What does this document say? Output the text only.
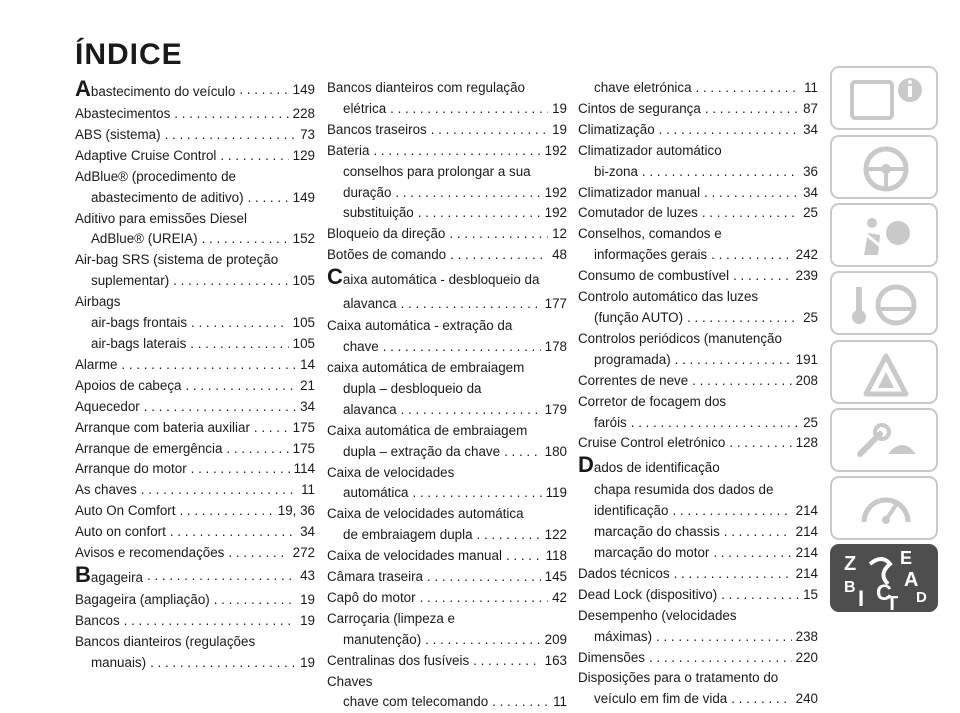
ÍNDICE
Abastecimento do veículo . . .	149
Abastecimentos . . .	228
ABS (sistema) . . .	73
Adaptive Cruise Control . . .	129
AdBlue® (procedimento de
abastecimento de aditivo) . . .	149
Aditivo para emissões Diesel
AdBlue® (UREIA) . . .	152
Air-bag SRS (sistema de proteção
suplementar) . . .	105
Airbags
air-bags frontais . . .	105
air-bags laterais . . .	105
Alarme . . .	14
Apoios de cabeça . . .	21
Aquecedor . . .	34
Arranque com bateria auxiliar . . .	175
Arranque de emergência . . .	175
Arranque do motor . . .	114
As chaves . . .	11
Auto On Comfort . . .	19, 36
Auto on confort . . .	34
Avisos e recomendações . . .	272
Bagageira . . .	43
Bagageira (ampliação) . . .	19
Bancos . . .	19
Bancos dianteiros (regulações
manuais) . . .	19
Bancos dianteiros com regulação
elétrica . . .	19
Bancos traseiros . . .	19
Bateria . . .	192
conselhos para prolongar a sua
duração . . .	192
substituição . . .	192
Bloqueio da direção . . .	12
Botões de comando . . .	48
Caixa automática - desbloqueio da
alavanca . . .	177
Caixa automática - extração da
chave . . .	178
caixa automática de embraiagem
dupla – desbloqueio da
alavanca . . .	179
Caixa automática de embraiagem
dupla – extração da chave . . .	180
Caixa de velocidades
automática . . .	119
Caixa de velocidades automática
de embraiagem dupla . . .	122
Caixa de velocidades manual . . .	118
Câmara traseira . . .	145
Capô do motor . . .	42
Carroçaria (limpeza e
manutenção) . . .	209
Centralinas dos fusíveis . . .	163
Chaves
chave com telecomando . . .	11
chave eletrónica . . .	11
Cintos de segurança . . .	87
Climatização . . .	34
Climatizador automático
bi-zona . . .	36
Climatizador manual . . .	34
Comutador de luzes . . .	25
Conselhos, comandos e
informações gerais . . .	242
Consumo de combustível . . .	239
Controlo automático das luzes
(função AUTO) . . .	25
Controlos periódicos (manutenção
programada) . . .	191
Correntes de neve . . .	208
Corretor de focagem dos
faróis . . .	25
Cruise Control eletrónico . . .	128
Dados de identificação
chapa resumida dos dados de
identificação . . .	214
marcação do chassis . . .	214
marcação do motor . . .	214
Dados técnicos . . .	214
Dead Lock (dispositivo) . . .	15
Desempenho (velocidades
máximas) . . .	238
Dimensões . . .	220
Disposições para o tratamento do
veículo em fim de vida . . .	240
Z E
B A
I C
T D
